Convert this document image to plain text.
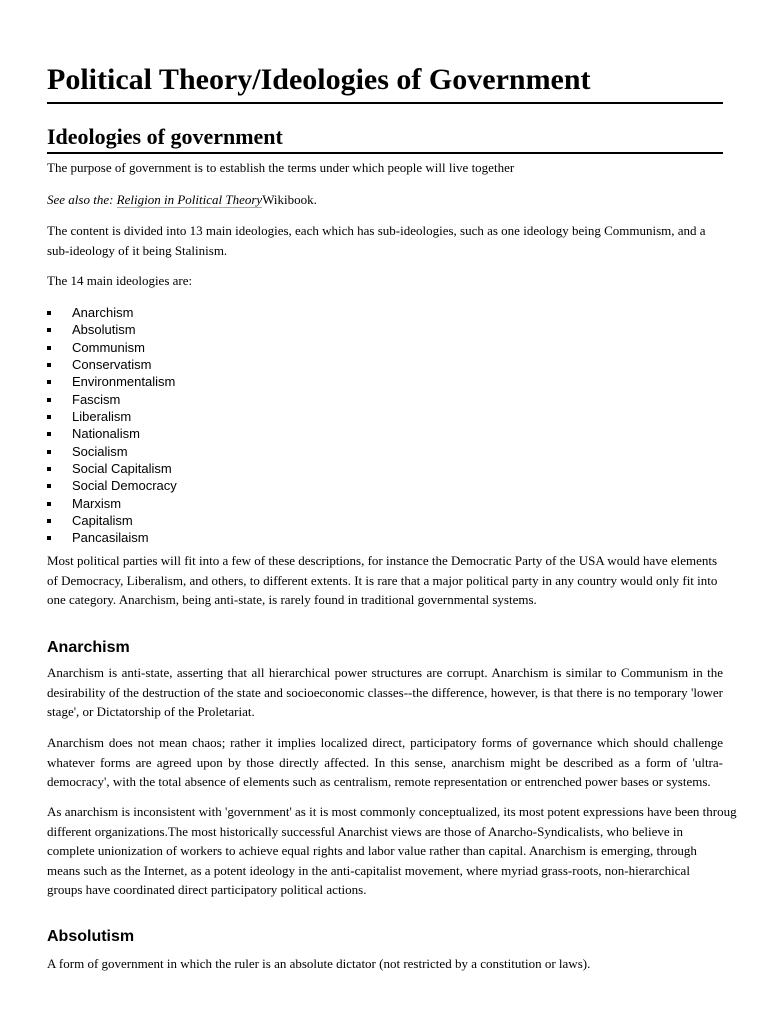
Political Theory/Ideologies of Government
Ideologies of government

The purpose of government is to establish the terms under which people will live together

See also the: Religion in Political TheoryWikibook.

The content is divided into 13 main ideologies, each which has sub-ideologies, such as one ideology being Communism, and a sub-ideology of it being Stalinism.

The 14 main ideologies are:

Anarchism
Absolutism
Communism
Conservatism
Environmentalism
Fascism
Liberalism
Nationalism
Socialism
Social Capitalism
Social Democracy
Marxism
Capitalism
Pancasilaism

Most political parties will fit into a few of these descriptions, for instance the Democratic Party of the USA would have elements of Democracy, Liberalism, and others, to different extents. It is rare that a major political party in any country would only fit into one category. Anarchism, being anti-state, is rarely found in traditional governmental systems.

Anarchism

Anarchism is anti-state, asserting that all hierarchical power structures are corrupt. Anarchism is similar to Communism in the desirability of the destruction of the state and socioeconomic classes--the difference, however, is that there is no temporary 'lower stage', or Dictatorship of the Proletariat.

Anarchism does not mean chaos; rather it implies localized direct, participatory forms of governance which should challenge whatever forms are agreed upon by those directly affected. In this sense, anarchism might be described as a form of 'ultra-democracy', with the total absence of elements such as centralism, remote representation or entrenched power bases or systems.

As anarchism is inconsistent with 'government' as it is most commonly conceptualized, its most potent expressions have been throug

different organizations.The most historically successful Anarchist views are those of Anarcho-Syndicalists, who believe in complete unionization of workers to achieve equal rights and labor value rather than capital. Anarchism is emerging, through means such as the Internet, as a potent ideology in the anti-capitalist movement, where myriad grass-roots, non-hierarchical groups have coordinated direct participatory political actions.

Absolutism

A form of government in which the ruler is an absolute dictator (not restricted by a constitution or laws).
